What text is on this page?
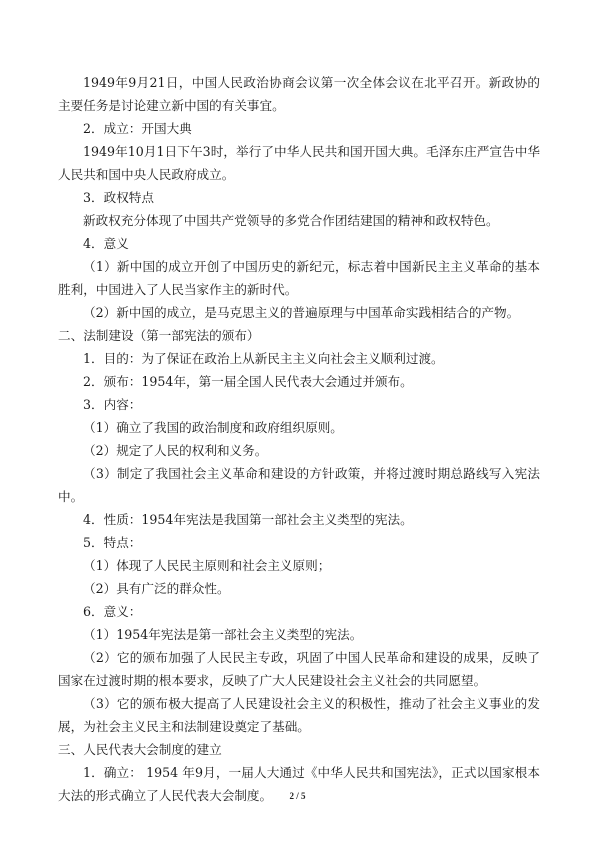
1949年9月21日，中国人民政治协商会议第一次全体会议在北平召开。新政协的主要任务是讨论建立新中国的有关事宜。

2．成立：开国大典

1949年10月1日下午3时，举行了中华人民共和国开国大典。毛泽东庄严宣告中华人民共和国中央人民政府成立。

3．政权特点

新政权充分体现了中国共产党领导的多党合作团结建国的精神和政权特色。

4．意义

（1）新中国的成立开创了中国历史的新纪元，标志着中国新民主主义革命的基本胜利，中国进入了人民当家作主的新时代。

（2）新中国的成立，是马克思主义的普遍原理与中国革命实践相结合的产物。

二、法制建设（第一部宪法的颁布）

1．目的：为了保证在政治上从新民主主义向社会主义顺利过渡。

2．颁布：1954年，第一届全国人民代表大会通过并颁布。

3．内容：

（1）确立了我国的政治制度和政府组织原则。

（2）规定了人民的权利和义务。

（3）制定了我国社会主义革命和建设的方针政策，并将过渡时期总路线写入宪法中。

4．性质：1954年宪法是我国第一部社会主义类型的宪法。

5．特点：

（1）体现了人民民主原则和社会主义原则；

（2）具有广泛的群众性。

6．意义：

（1）1954年宪法是第一部社会主义类型的宪法。

（2）它的颁布加强了人民民主专政，巩固了中国人民革命和建设的成果，反映了国家在过渡时期的根本要求，反映了广大人民建设社会主义社会的共同愿望。

（3）它的颁布极大提高了人民建设社会主义的积极性，推动了社会主义事业的发展，为社会主义民主和法制建设奠定了基础。

三、人民代表大会制度的建立

1．确立： 1954 年9月，一届人大通过《中华人民共和国宪法》，正式以国家根本大法的形式确立了人民代表大会制度。	2 / 5
